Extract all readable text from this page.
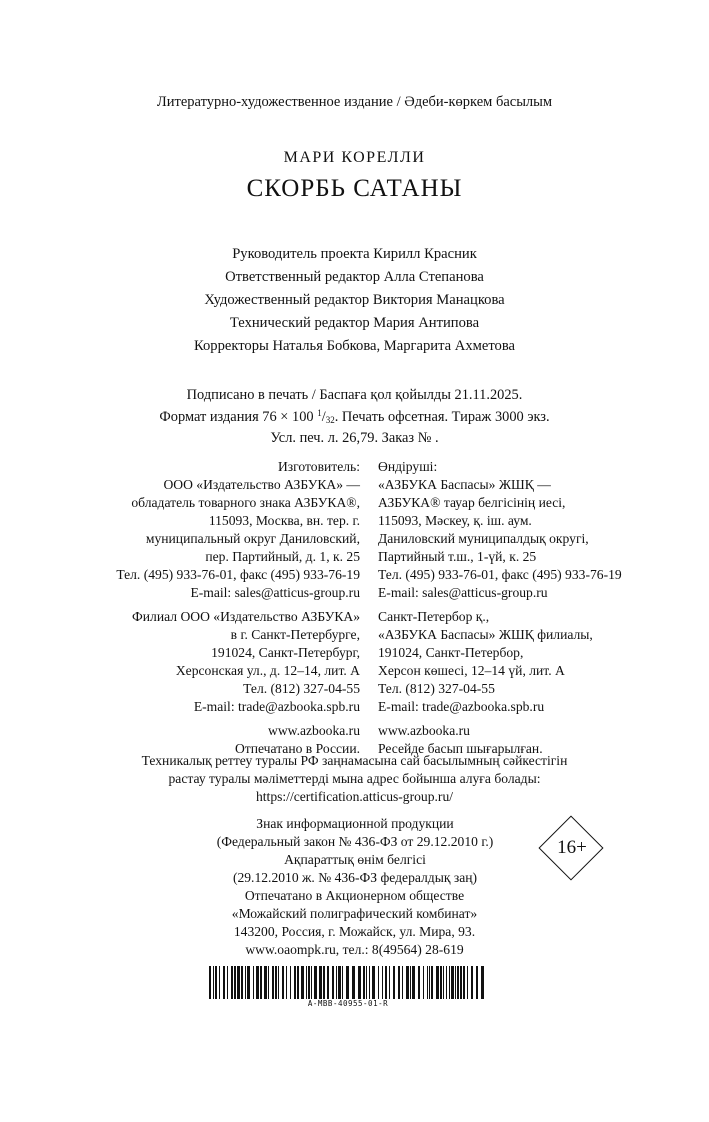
Литературно-художественное издание / Әдеби-көркем басылым
МАРИ КОРЕЛЛИ
СКОРБЬ САТАНЫ
Руководитель проекта Кирилл Красник
Ответственный редактор Алла Степанова
Художественный редактор Виктория Манацкова
Технический редактор Мария Антипова
Корректоры Наталья Бобкова, Маргарита Ахметова
Подписано в печать / Баспаға қол қойылды 21.11.2025.
Формат издания 76 × 100 $^1/_{32}$. Печать офсетная. Тираж 3000 экз.
Усл. печ. л. 26,79. Заказ № .

Изготовитель:

ООО «Издательство АЗБУКА» —

обладатель товарного знака АЗБУКА®,

115093, Москва, вн. тер. г.

муниципальный округ Даниловский,

пер. Партийный, д. 1, к. 25

Тел. (495) 933-76-01, факс (495) 933-76-19

E-mail: sales@atticus-group.ru

Филиал ООО «Издательство АЗБУКА»

в г. Санкт-Петербурге,

191024, Санкт-Петербург,

Херсонская ул., д. 12–14, лит. А

Тел. (812) 327-04-55

E-mail: trade@azbooka.spb.ru

www.azbooka.ru

Отпечатано в России.

Өндіруші:

«АЗБУКА Баспасы» ЖШҚ —

АЗБУКА® тауар белгісінің иесі,

115093, Мәскеу, қ. іш. аум.

Даниловский муниципалдық округі,

Партийный т.ш., 1-үй, к. 25

Тел. (495) 933-76-01, факс (495) 933-76-19

E-mail: sales@atticus-group.ru

Санкт-Петербор қ.,

«АЗБУКА Баспасы» ЖШҚ филиалы,

191024, Санкт-Петербор,

Херсон көшесі, 12–14 үй, лит. А

Тел. (812) 327-04-55

E-mail: trade@azbooka.spb.ru

www.azbooka.ru

Ресейде басып шығарылған.

Техникалық реттеу туралы РФ заңнамасына сай басылымның сәйкестігін

растау туралы мәліметтерді мына адрес бойынша алуға болады:

https://certification.atticus-group.ru/

Знак информационной продукции

(Федеральный закон № 436-ФЗ от 29.12.2010 г.)

Ақпараттық өнім белгісі

(29.12.2010 ж. № 436-ФЗ федералдық заң)

16+

Отпечатано в Акционерном обществе

«Можайский полиграфический комбинат»

143200, Россия, г. Можайск, ул. Мира, 93.

www.oaompk.ru, тел.: 8(49564) 28-619

A-MBB-40955-01-R
